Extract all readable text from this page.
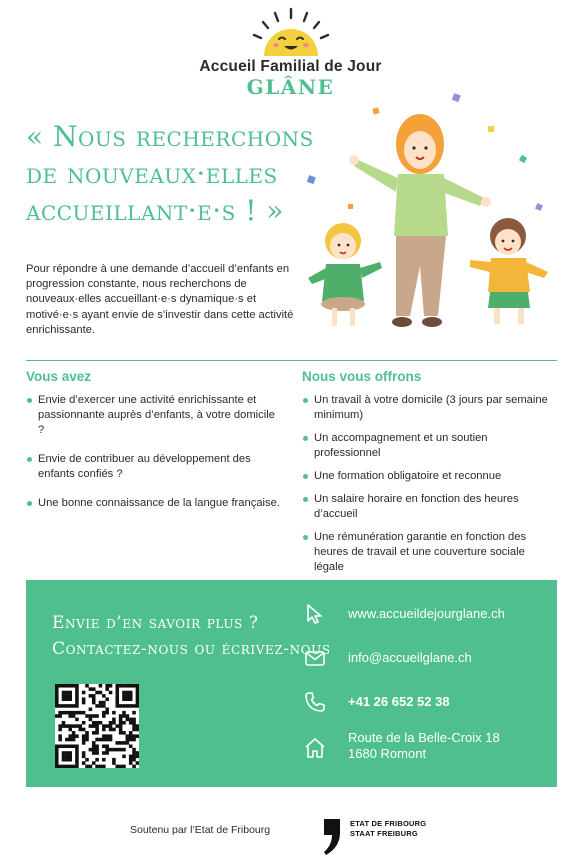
Accueil Familial de Jour
GLÂNE
« Nous recherchons
de nouveaux·elles
accueillant·e·s ! »

Pour répondre à une demande d’accueil d’enfants en progression constante, nous recherchons de nouveaux·elles accueillant·e·s dynamique·s et motivé·e·s ayant envie de s’investir dans cette activité enrichissante.

Vous avez
Envie d’exercer une activité enrichissante et passionnante auprès d’enfants, à votre domicile ?
Envie de contribuer au développement des enfants confiés ?
Une bonne connaissance de la langue française.
Nous vous offrons
Un travail à votre domicile (3 jours par semaine minimum)
Un accompagnement et un soutien professionnel
Une formation obligatoire et reconnue
Un salaire horaire en fonction des heures d’accueil
Une rémunération garantie en fonction des heures de travail et une couverture sociale légale
Envie d’en savoir plus ?
Contactez-nous ou écrivez-nous
www.accueildejourglane.ch
info@accueilglane.ch
+41 26 652 52 38
Route de la Belle-Croix 18
1680 Romont
Soutenu par l’Etat de Fribourg
ETAT DE FRIBOURG
STAAT FREIBURG
